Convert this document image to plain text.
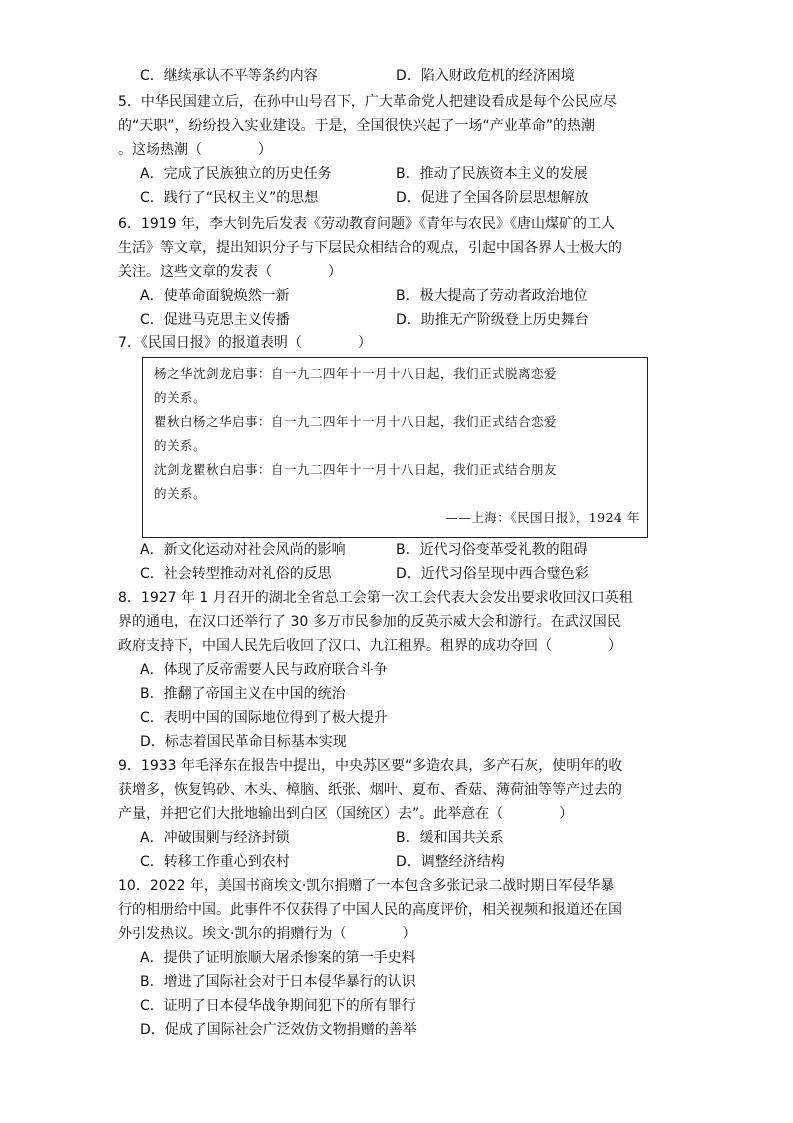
C．继续承认不平等条约内容	D．陷入财政危机的经济困境
5．中华民国建立后，在孙中山号召下，广大革命党人把建设看成是每个公民应尽
的“天职”，纷纷投入实业建设。于是，全国很快兴起了一场“产业革命”的热潮
。这场热潮（　　　　）
A．完成了民族独立的历史任务	B．推动了民族资本主义的发展
C．践行了“民权主义”的思想	D．促进了全国各阶层思想解放
6．1919 年，李大钊先后发表《劳动教育问题》《青年与农民》《唐山煤矿的工人
生活》等文章，提出知识分子与下层民众相结合的观点，引起中国各界人士极大的
关注。这些文章的发表（　　　　）
A．使革命面貌焕然一新	B．极大提高了劳动者政治地位
C．促进马克思主义传播	D．助推无产阶级登上历史舞台
7．《民国日报》的报道表明（　　　　）
杨之华沈剑龙启事：自一九二四年十一月十八日起，我们正式脱离恋爱
的关系。
瞿秋白杨之华启事：自一九二四年十一月十八日起，我们正式结合恋爱
的关系。
沈剑龙瞿秋白启事：自一九二四年十一月十八日起，我们正式结合朋友
的关系。
——上海：《民国日报》，1924 年
A．新文化运动对社会风尚的影响	B．近代习俗变革受礼教的阻碍
C．社会转型推动对礼俗的反思	D．近代习俗呈现中西合璧色彩
8．1927 年 1 月召开的湖北全省总工会第一次工会代表大会发出要求收回汉口英租
界的通电，在汉口还举行了 30 多万市民参加的反英示威大会和游行。在武汉国民
政府支持下，中国人民先后收回了汉口、九江租界。租界的成功夺回（　　　　）
A．体现了反帝需要人民与政府联合斗争
B．推翻了帝国主义在中国的统治
C．表明中国的国际地位得到了极大提升
D．标志着国民革命目标基本实现
9．1933 年毛泽东在报告中提出，中央苏区要“多造农具，多产石灰，使明年的收
获增多，恢复钨砂、木头、樟脑、纸张、烟叶、夏布、香菇、薄荷油等等产过去的
产量，并把它们大批地输出到白区（国统区）去”。此举意在（　　　　）
A．冲破围剿与经济封锁	B．缓和国共关系
C．转移工作重心到农村	D．调整经济结构
10．2022 年，美国书商埃文·凯尔捐赠了一本包含多张记录二战时期日军侵华暴
行的相册给中国。此事件不仅获得了中国人民的高度评价，相关视频和报道还在国
外引发热议。埃文·凯尔的捐赠行为（　　　　）
A．提供了证明旅顺大屠杀惨案的第一手史料
B．增进了国际社会对于日本侵华暴行的认识
C．证明了日本侵华战争期间犯下的所有罪行
D．促成了国际社会广泛效仿文物捐赠的善举
